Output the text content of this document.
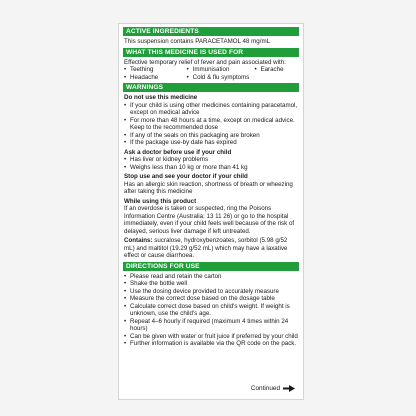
ACTIVE INGREDIENTS

This suspension contains PARACETAMOL 48 mg/mL

WHAT THIS MEDICINE IS USED FOR

Effective temporary relief of fever and pain associated with:

• Teething	• Immunisation	• Earache
• Headache	• Cold & flu symptoms
WARNINGS

Do not use this medicine

• If your child is using other medicines containing paracetamol, except on medical advice
• For more than 48 hours at a time, except on medical advice. Keep to the recommended dose
• If any of the seals on this packaging are broken
• If the package use-by date has expired

Ask a doctor before use if your child

• Has liver or kidney problems
• Weighs less than 10 kg or more than 41 kg

Stop use and see your doctor if your child

Has an allergic skin reaction, shortness of breath or wheezing after taking this medicine

While using this product

If an overdose is taken or suspected, ring the Poisons Information Centre (Australia: 13 11 26) or go to the hospital immediately, even if your child feels well because of the risk of delayed, serious liver damage if left untreated.

Contains: sucralose, hydroxybenzoates, sorbitol (5.98 g/52 mL) and maltitol (19.29 g/52 mL) which may have a laxative effect or cause diarrhoea.

DIRECTIONS FOR USE
• Please read and retain the carton
• Shake the bottle well
• Use the dosing device provided to accurately measure
• Measure the correct dose based on the dosage table
• Calculate correct dose based on child's weight. If weight is unknown, use the child's age.
• Repeat 4–6 hourly if required (maximum 4 times within 24 hours)
• Can be given with water or fruit juice if preferred by your child
• Further information is available via the QR code on the pack.
Continued
